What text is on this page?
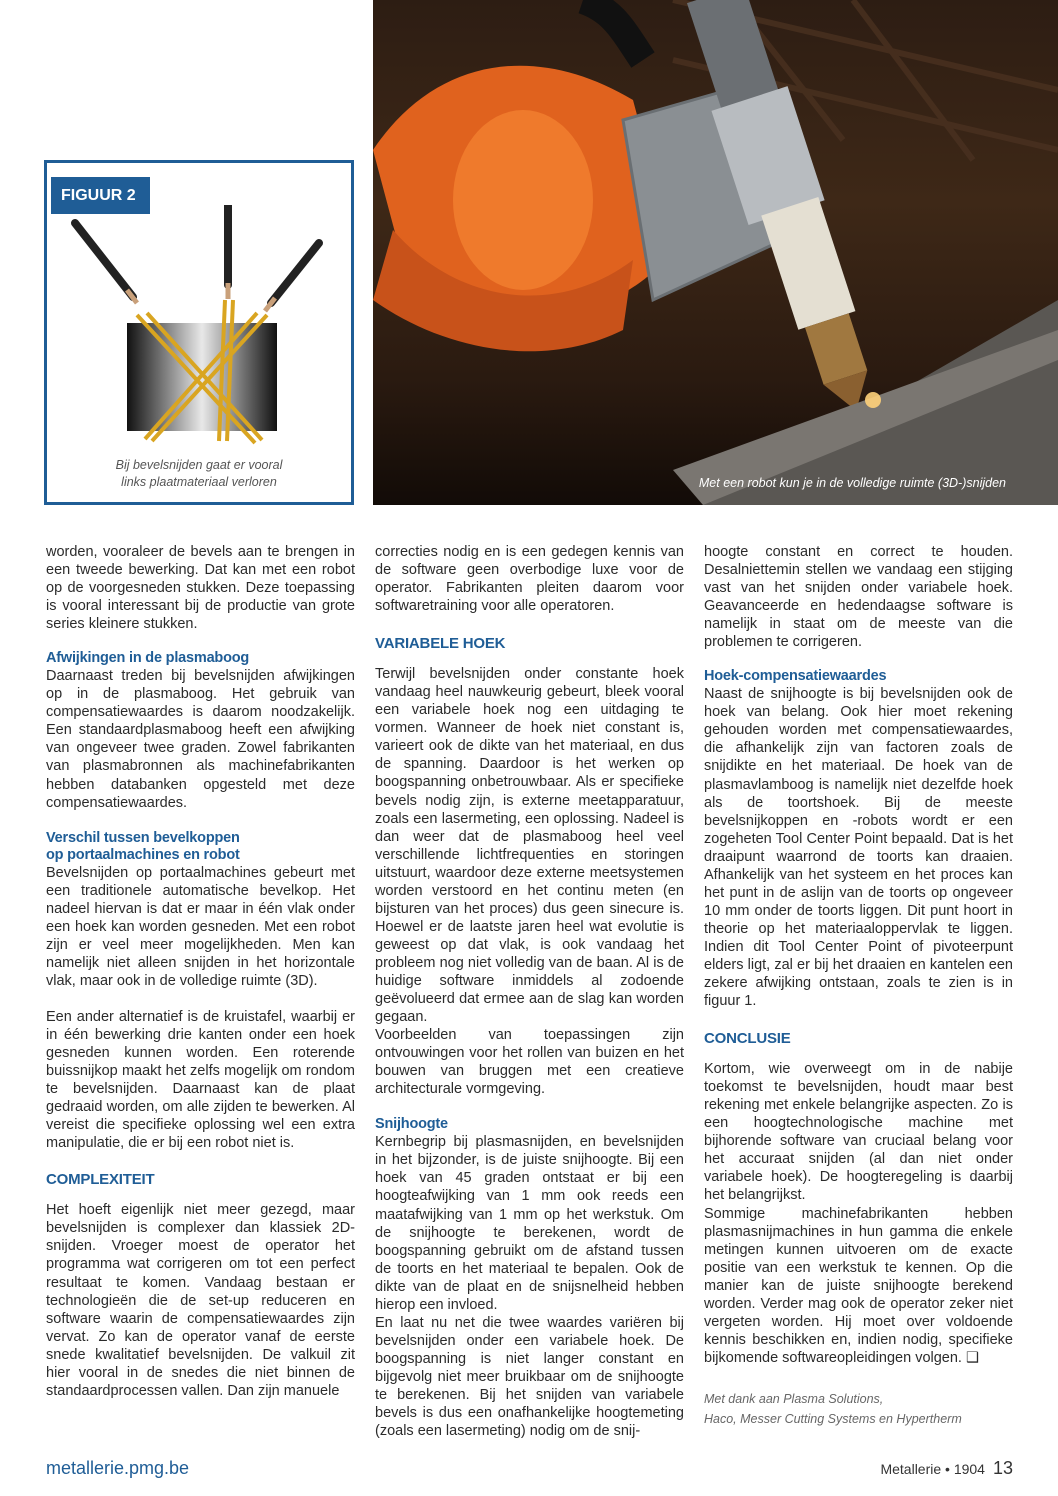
FIGUUR 2
Bij bevelsnijden gaat er vooral
links plaatmateriaal verloren	Met een robot kun je in de volledige ruimte (3D-)snijden

worden, vooraleer de bevels aan te brengen in een tweede bewerking. Dat kan met een robot op de voorgesneden stukken. Deze toepassing is vooral interessant bij de productie van grote series kleinere stukken.

Afwijkingen in de plasmaboog

Daarnaast treden bij bevelsnijden afwijkingen op in de plasmaboog. Het gebruik van compensatiewaardes is daarom noodzakelijk. Een standaardplasmaboog heeft een afwijking van ongeveer twee graden. Zowel fabrikanten van plasmabronnen als machinefabrikanten hebben databanken opgesteld met deze compensatiewaardes.

Verschil tussen bevelkoppen

op portaalmachines en robot

Bevelsnijden op portaalmachines gebeurt met een traditionele automatische bevelkop. Het nadeel hiervan is dat er maar in één vlak onder een hoek kan worden gesneden. Met een robot zijn er veel meer mogelijkheden. Men kan namelijk niet alleen snijden in het horizontale vlak, maar ook in de volledige ruimte (3D).

Een ander alternatief is de kruistafel, waarbij er in één bewerking drie kanten onder een hoek gesneden kunnen worden. Een roterende buissnijkop maakt het zelfs mogelijk om rondom te bevelsnijden. Daarnaast kan de plaat gedraaid worden, om alle zijden te bewerken. Al vereist die specifieke oplossing wel een extra manipulatie, die er bij een robot niet is.

COMPLEXITEIT

Het hoeft eigenlijk niet meer gezegd, maar bevelsnijden is complexer dan klassiek 2D-snijden. Vroeger moest de operator het programma wat corrigeren om tot een perfect resultaat te komen. Vandaag bestaan er technologieën die de set-up reduceren en software waarin de compensatiewaardes zijn vervat. Zo kan de operator vanaf de eerste snede kwalitatief bevelsnijden. De valkuil zit hier vooral in de snedes die niet binnen de standaardprocessen vallen. Dan zijn manuele

correcties nodig en is een gedegen kennis van de software geen overbodige luxe voor de operator. Fabrikanten pleiten daarom voor softwaretraining voor alle operatoren.

VARIABELE HOEK

Terwijl bevelsnijden onder constante hoek vandaag heel nauwkeurig gebeurt, bleek vooral een variabele hoek nog een uitdaging te vormen. Wanneer de hoek niet constant is, varieert ook de dikte van het materiaal, en dus de spanning. Daardoor is het werken op boogspanning onbetrouwbaar. Als er specifieke bevels nodig zijn, is externe meetapparatuur, zoals een lasermeting, een oplossing. Nadeel is dan weer dat de plasmaboog heel veel verschillende lichtfrequenties en storingen uitstuurt, waardoor deze externe meetsystemen worden verstoord en het continu meten (en bijsturen van het proces) dus geen sinecure is. Hoewel er de laatste jaren heel wat evolutie is geweest op dat vlak, is ook vandaag het probleem nog niet volledig van de baan. Al is de huidige software inmiddels al zodoende geëvolueerd dat ermee aan de slag kan worden gegaan.

Voorbeelden van toepassingen zijn ontvouwingen voor het rollen van buizen en het bouwen van bruggen met een creatieve architecturale vormgeving.

Snijhoogte

Kernbegrip bij plasmasnijden, en bevelsnijden in het bijzonder, is de juiste snijhoogte. Bij een hoek van 45 graden ontstaat er bij een hoogteafwijking van 1 mm ook reeds een maatafwijking van 1 mm op het werkstuk. Om de snijhoogte te berekenen, wordt de boogspanning gebruikt om de afstand tussen de toorts en het materiaal te bepalen. Ook de dikte van de plaat en de snijsnelheid hebben hierop een invloed.

En laat nu net die twee waardes variëren bij bevelsnijden onder een variabele hoek. De boogspanning is niet langer constant en bijgevolg niet meer bruikbaar om de snijhoogte te berekenen. Bij het snijden van variabele bevels is dus een onafhankelijke hoogtemeting (zoals een lasermeting) nodig om de snij-

hoogte constant en correct te houden. Desalniettemin stellen we vandaag een stijging vast van het snijden onder variabele hoek. Geavanceerde en hedendaagse software is namelijk in staat om de meeste van die problemen te corrigeren.

Hoek-compensatiewaardes

Naast de snijhoogte is bij bevelsnijden ook de hoek van belang. Ook hier moet rekening gehouden worden met compensatiewaardes, die afhankelijk zijn van factoren zoals de snijdikte en het materiaal. De hoek van de plasmavlamboog is namelijk niet dezelfde hoek als de toortshoek. Bij de meeste bevelsnijkoppen en -robots wordt er een zogeheten Tool Center Point bepaald. Dat is het draaipunt waarrond de toorts kan draaien. Afhankelijk van het systeem en het proces kan het punt in de aslijn van de toorts op ongeveer 10 mm onder de toorts liggen. Dit punt hoort in theorie op het materiaaloppervlak te liggen. Indien dit Tool Center Point of pivoteerpunt elders ligt, zal er bij het draaien en kantelen een zekere afwijking ontstaan, zoals te zien is in figuur 1.

CONCLUSIE

Kortom, wie overweegt om in de nabije toekomst te bevelsnijden, houdt maar best rekening met enkele belangrijke aspecten. Zo is een hoogtechnologische machine met bijhorende software van cruciaal belang voor het accuraat snijden (al dan niet onder variabele hoek). De hoogteregeling is daarbij het belangrijkst.

Sommige machinefabrikanten hebben plasmasnijmachines in hun gamma die enkele metingen kunnen uitvoeren om de exacte positie van een werkstuk te kennen. Op die manier kan de juiste snijhoogte berekend worden. Verder mag ook de operator zeker niet vergeten worden. Hij moet over voldoende kennis beschikken en, indien nodig, specifieke bijkomende softwareopleidingen volgen. ❑

Met dank aan Plasma Solutions,

Haco, Messer Cutting Systems en Hypertherm

metallerie.pmg.be	Metallerie • 1904 13
